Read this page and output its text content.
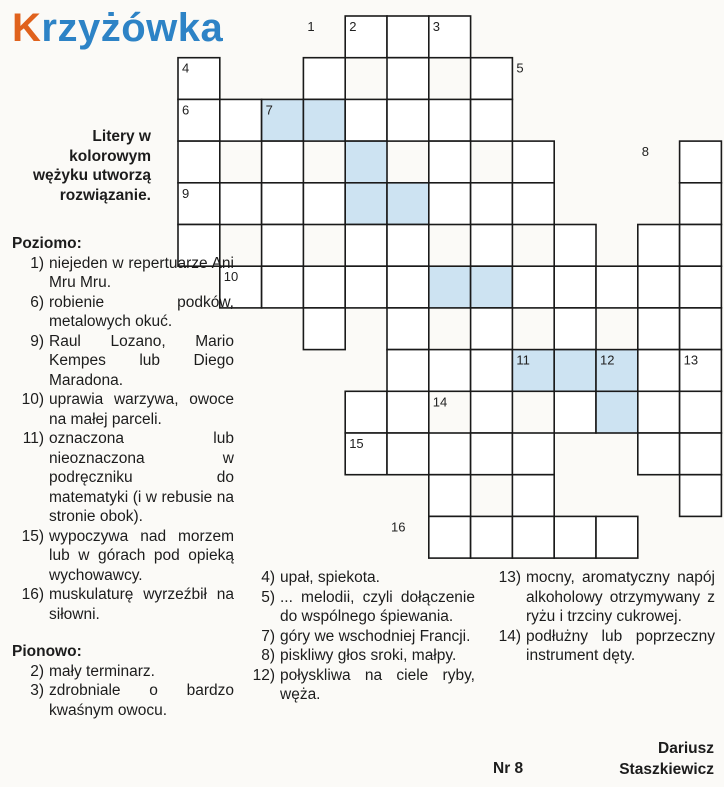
Krzyżówka	1	2	3
4	5
6	7
8
9
10
11	12	13
14
15
16
Litery w kolorowym wężyku utworzą rozwiązanie.
Poziomo:
1) niejeden w repertuarze Ani Mru Mru.
6) robienie podków, metalowych okuć.
9) Raul Lozano, Mario Kempes lub Diego Maradona.
10) uprawia warzywa, owoce na małej parceli.
11) oznaczona lub nieoznaczona w podręczniku do matematyki (i w rebusie na stronie obok).
15) wypoczywa nad morzem lub w górach pod opieką wychowawcy.
16) muskulaturę wyrzeźbił na siłowni.
Pionowo:
2) mały terminarz.
3) zdrobniale o bardzo kwaśnym owocu.
4) upał, spiekota.
5) ... melodii, czyli dołączenie do wspólnego śpiewania.
7) góry we wschodniej Francji.
8) piskliwy głos sroki, małpy.
12) połyskliwa na ciele ryby, węża.
13) mocny, aromatyczny napój alkoholowy otrzymywany z ryżu i trzciny cukrowej.
14) podłużny lub poprzeczny instrument dęty.
Nr 8
Dariusz
Staszkiewicz
